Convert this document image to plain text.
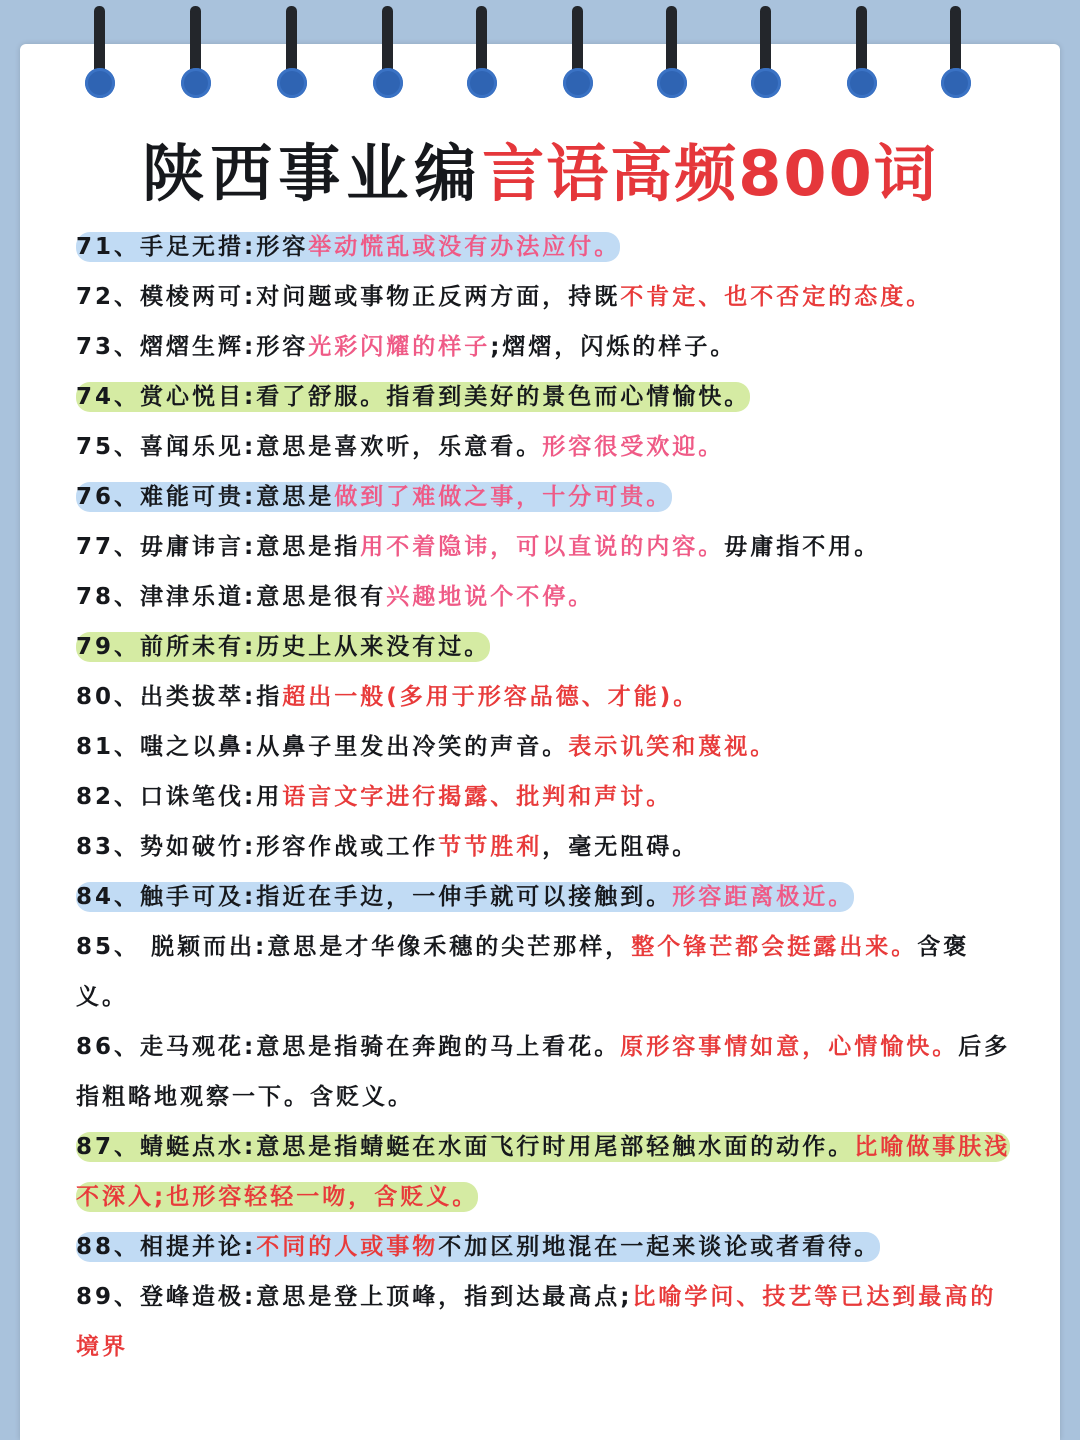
陕西事业编言语高频800词
71、手足无措:形容举动慌乱或没有办法应付。
72、模棱两可:对问题或事物正反两方面，持既不肯定、也不否定的态度。
73、熠熠生辉:形容光彩闪耀的样子;熠熠，闪烁的样子。
74、赏心悦目:看了舒服。指看到美好的景色而心情愉快。
75、喜闻乐见:意思是喜欢听，乐意看。形容很受欢迎。
76、难能可贵:意思是做到了难做之事，十分可贵。
77、毋庸讳言:意思是指用不着隐讳，可以直说的内容。毋庸指不用。
78、津津乐道:意思是很有兴趣地说个不停。
79、前所未有:历史上从来没有过。
80、出类拔萃:指超出一般(多用于形容品德、才能)。
81、嗤之以鼻:从鼻子里发出冷笑的声音。表示讥笑和蔑视。
82、口诛笔伐:用语言文字进行揭露、批判和声讨。
83、势如破竹:形容作战或工作节节胜利，毫无阻碍。
84、触手可及:指近在手边，一伸手就可以接触到。形容距离极近。
85、 脱颖而出:意思是才华像禾穗的尖芒那样，整个锋芒都会挺露出来。含褒义。
86、走马观花:意思是指骑在奔跑的马上看花。原形容事情如意，心情愉快。后多指粗略地观察一下。含贬义。
87、蜻蜓点水:意思是指蜻蜓在水面飞行时用尾部轻触水面的动作。比喻做事肤浅不深入;也形容轻轻一吻，含贬义。
88、相提并论:不同的人或事物不加区别地混在一起来谈论或者看待。
89、登峰造极:意思是登上顶峰，指到达最高点;比喻学问、技艺等已达到最高的境界
